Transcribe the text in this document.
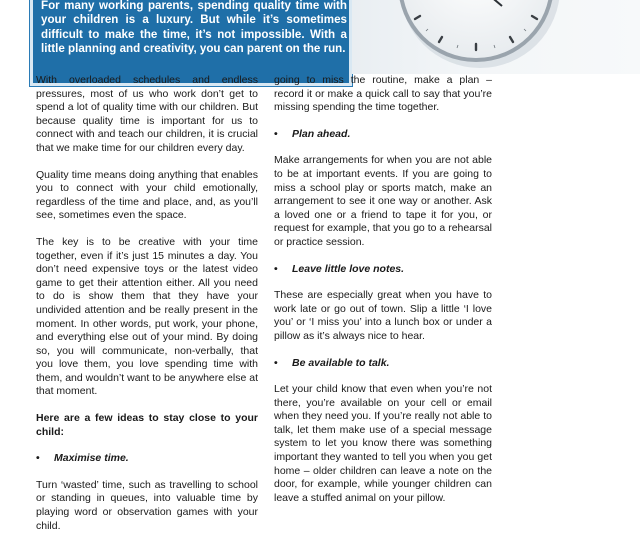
For many working parents, spending quality time with your children is a luxury. But while it’s sometimes difficult to make the time, it’s not impossible. With a little planning and creativity, you can parent on the run.

With overloaded schedules and endless pressures, most of us who work don’t get to spend a lot of quality time with our children. But because quality time is important for us to connect with and teach our children, it is crucial that we make time for our children every day.

Quality time means doing anything that enables you to connect with your child emotionally, regardless of the time and place, and, as you’ll see, sometimes even the space.

The key is to be creative with your time together, even if it’s just 15 minutes a day. You don’t need expensive toys or the latest video game to get their attention either. All you need to do is show them that they have your undivided attention and be really present in the moment. In other words, put work, your phone, and everything else out of your mind. By doing so, you will communicate, non-verbally, that you love them, you love spending time with them, and wouldn’t want to be anywhere else at that moment.

Here are a few ideas to stay close to your child:

•	Maximise time.

Turn ‘wasted’ time, such as travelling to school or standing in queues, into valuable time by playing word or observation games with your child.

going to miss the routine, make a plan – record it or make a quick call to say that you’re missing spending the time together.

•	Plan ahead.

Make arrangements for when you are not able to be at important events. If you are going to miss a school play or sports match, make an arrangement to see it one way or another. Ask a loved one or a friend to tape it for you, or request for example, that you go to a rehearsal or practice session.

•	Leave little love notes.

These are especially great when you have to work late or go out of town. Slip a little ‘I love you’ or ‘I miss you’ into a lunch box or under a pillow as it’s always nice to hear.

•	Be available to talk.

Let your child know that even when you’re not there, you’re available on your cell or email when they need you. If you’re really not able to talk, let them make use of a special message system to let you know there was something important they wanted to tell you when you get home – older children can leave a note on the door, for example, while younger children can leave a stuffed animal on your pillow.
